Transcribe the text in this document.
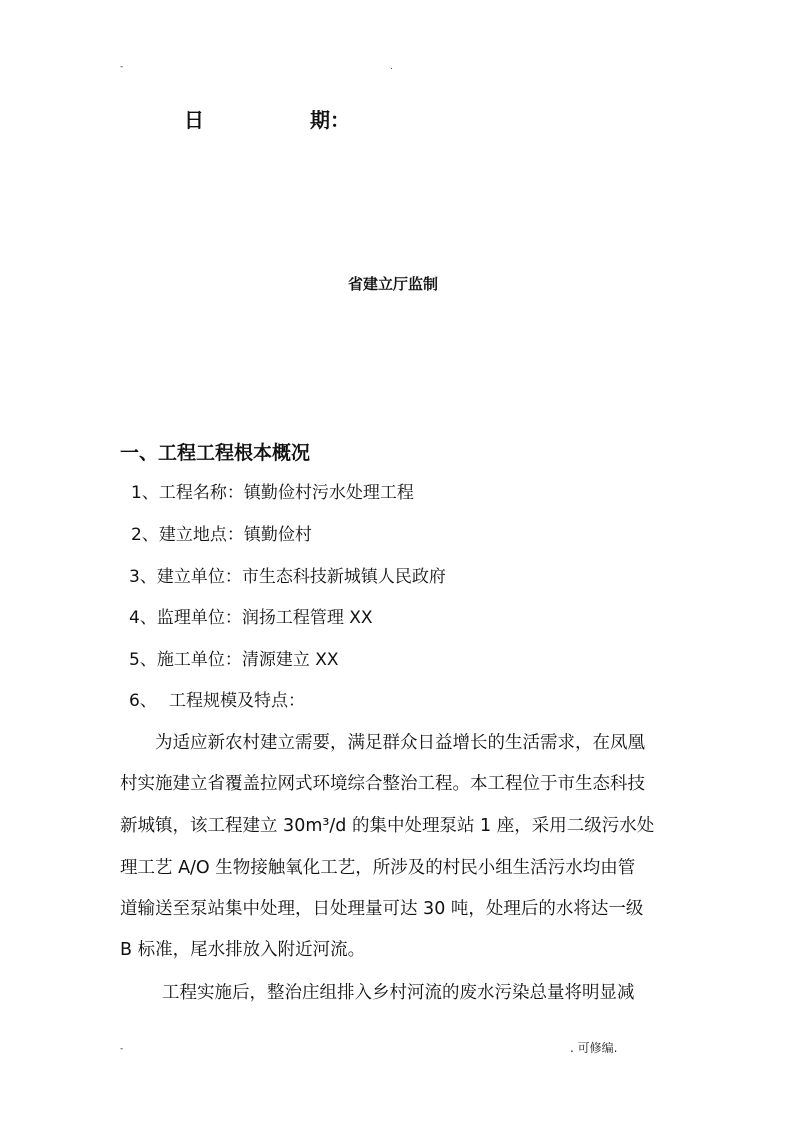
-	.
日	期：
省建立厅监制
一、工程工程根本概况
1、工程名称：镇勤俭村污水处理工程
2、建立地点：镇勤俭村
3、建立单位：市生态科技新城镇人民政府
4、监理单位：润扬工程管理 XX
5、施工单位：清源建立 XX
6、 工程规模及特点：
为适应新农村建立需要，满足群众日益增长的生活需求，在凤凰
村实施建立省覆盖拉网式环境综合整治工程。本工程位于市生态科技
新城镇，该工程建立 30m³/d 的集中处理泵站 1 座，采用二级污水处
理工艺 A/O 生物接触氧化工艺，所涉及的村民小组生活污水均由管
道输送至泵站集中处理，日处理量可达 30 吨，处理后的水将达一级
B 标准，尾水排放入附近河流。
工程实施后，整治庄组排入乡村河流的废水污染总量将明显减
-	. 可修编.
